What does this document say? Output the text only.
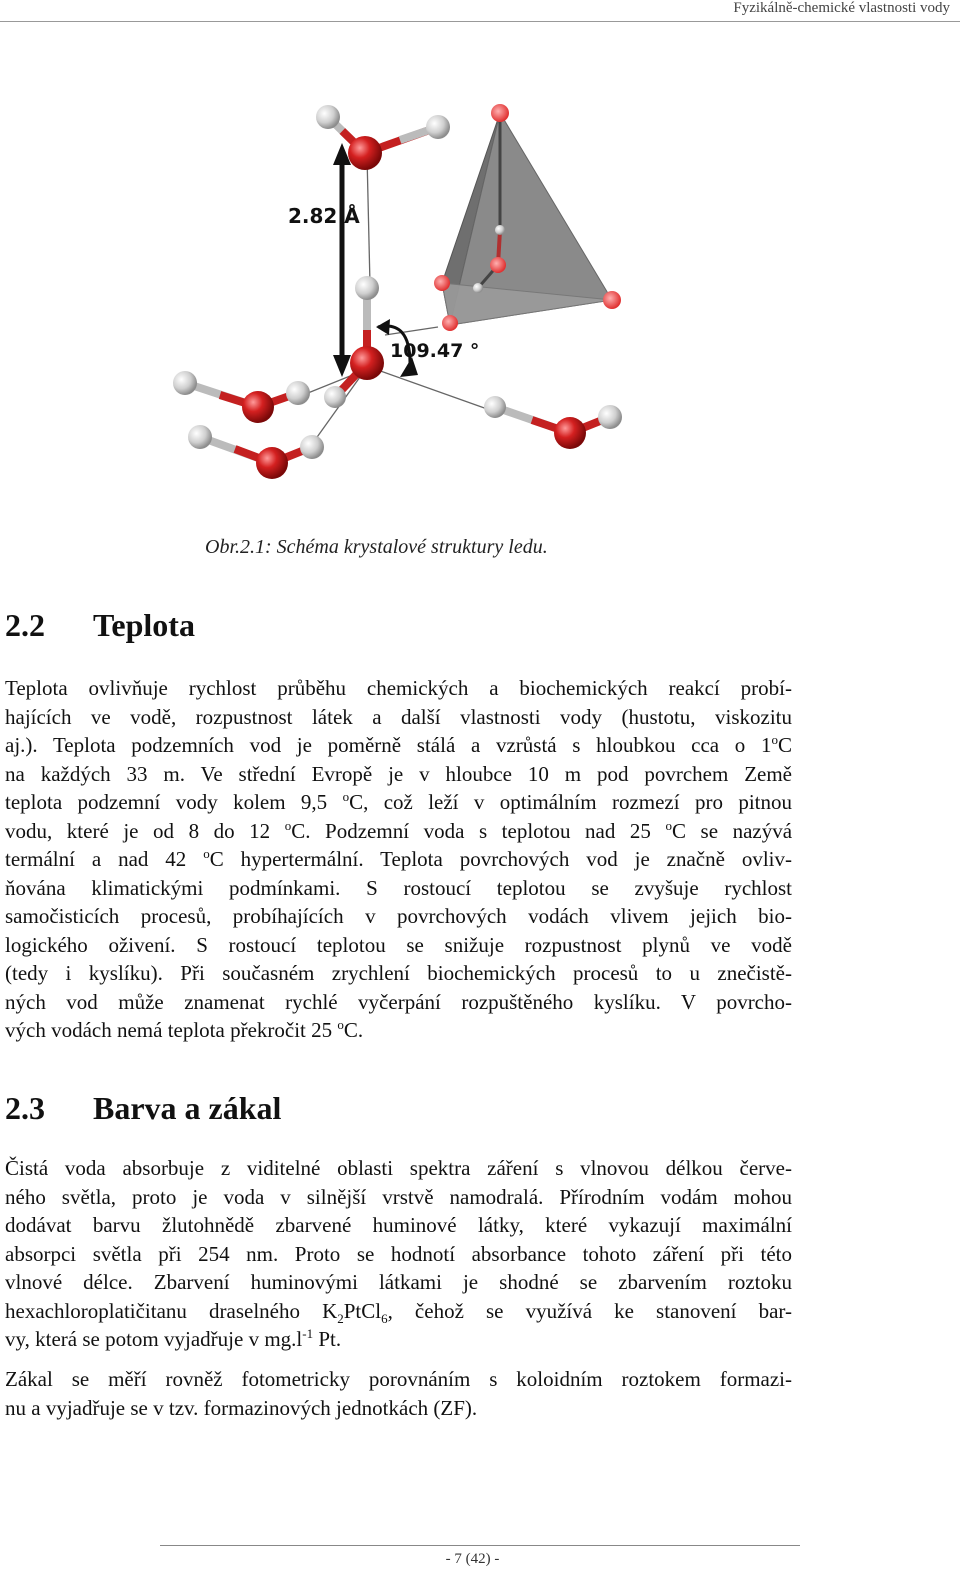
Fyzikálně-chemické vlastnosti vody
2.82 Å
109.47 °
Obr.2.1: Schéma krystalové struktury ledu.
2.2 Teplota
Teplota ovlivňuje rychlost průběhu chemických a biochemických reakcí probí-
hajících ve vodě, rozpustnost látek a další vlastnosti vody (hustotu, viskozitu
aj.). Teplota podzemních vod je poměrně stálá a vzrůstá s hloubkou cca o 1$^o$C
na každých 33 m. Ve střední Evropě je v hloubce 10 m pod povrchem Země
teplota podzemní vody kolem 9,5 $^o$C, což leží v optimálním rozmezí pro pitnou
vodu, které je od 8 do 12 $^o$C. Podzemní voda s teplotou nad 25 $^o$C se nazývá
termální a nad 42 $^o$C hypertermální. Teplota povrchových vod je značně ovliv-
ňována klimatickými podmínkami. S rostoucí teplotou se zvyšuje rychlost
samočisticích procesů, probíhajících v povrchových vodách vlivem jejich bio-
logického oživení. S rostoucí teplotou se snižuje rozpustnost plynů ve vodě
(tedy i kyslíku). Při současném zrychlení biochemických procesů to u znečistě-
ných vod může znamenat rychlé vyčerpání rozpuštěného kyslíku. V povrcho-
vých vodách nemá teplota překročit 25 $^o$C.
2.3 Barva a zákal
Čistá voda absorbuje z viditelné oblasti spektra záření s vlnovou délkou červe-
ného světla, proto je voda v silnější vrstvě namodralá. Přírodním vodám mohou
dodávat barvu žlutohnědě zbarvené huminové látky, které vykazují maximální
absorpci světla při 254 nm. Proto se hodnotí absorbance tohoto záření při této
vlnové délce. Zbarvení huminovými látkami je shodné se zbarvením roztoku
hexachloroplatičitanu draselného $K_2PtCl_6$, čehož se využívá ke stanovení bar-
vy, která se potom vyjadřuje v $mg.l^{-1}$ Pt.
Zákal se měří rovněž fotometricky porovnáním s koloidním roztokem formazi-
nu a vyjadřuje se v tzv. formazinových jednotkách (ZF).
- 7 (42) -
